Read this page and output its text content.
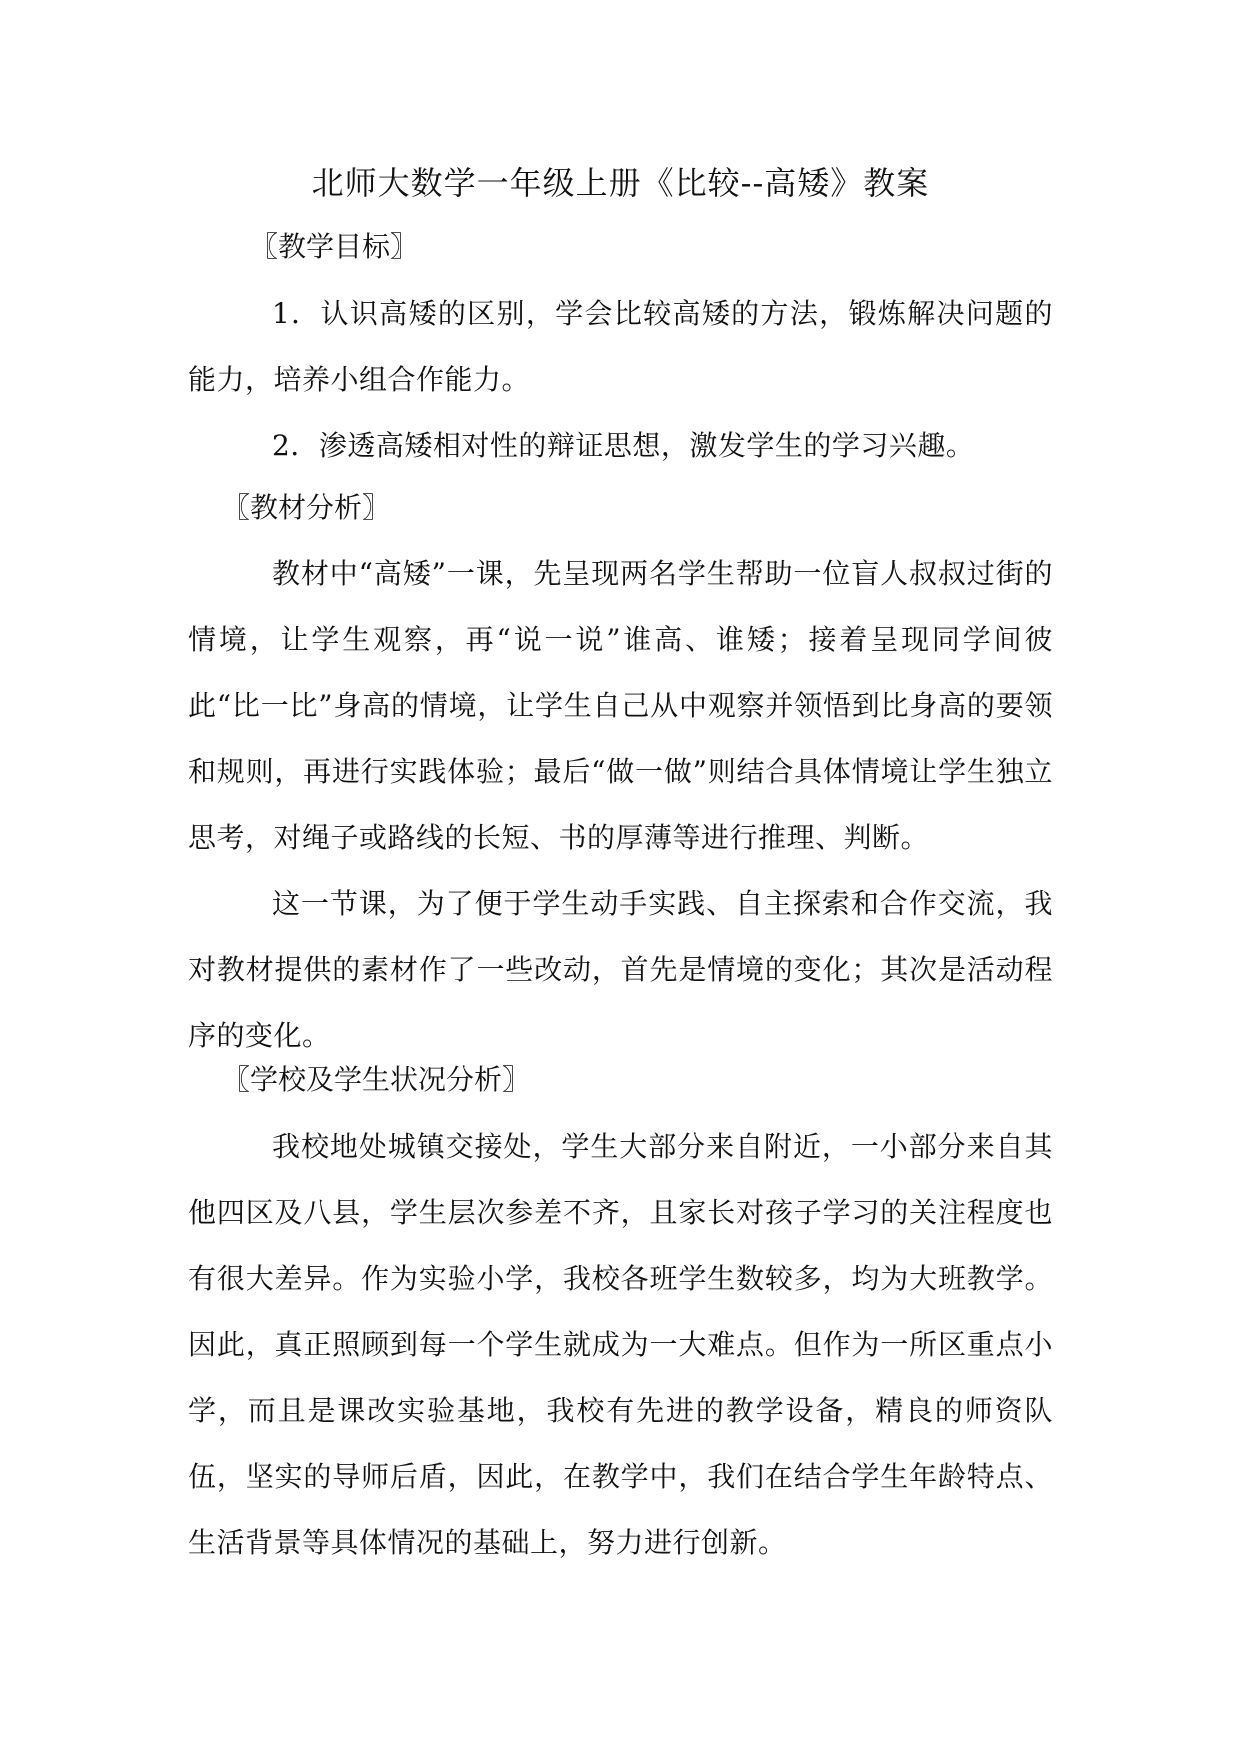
北师大数学一年级上册《比较--高矮》教案
〖教学目标〗

1．认识高矮的区别，学会比较高矮的方法，锻炼解决问题的能力，培养小组合作能力。

2．渗透高矮相对性的辩证思想，激发学生的学习兴趣。

〖教材分析〗

教材中“高矮”一课，先呈现两名学生帮助一位盲人叔叔过街的情境，让学生观察，再“说一说”谁高、谁矮；接着呈现同学间彼此“比一比”身高的情境，让学生自己从中观察并领悟到比身高的要领和规则，再进行实践体验；最后“做一做”则结合具体情境让学生独立思考，对绳子或路线的长短、书的厚薄等进行推理、判断。

这一节课，为了便于学生动手实践、自主探索和合作交流，我对教材提供的素材作了一些改动，首先是情境的变化；其次是活动程序的变化。

〖学校及学生状况分析〗

我校地处城镇交接处，学生大部分来自附近，一小部分来自其他四区及八县，学生层次参差不齐，且家长对孩子学习的关注程度也有很大差异。作为实验小学，我校各班学生数较多，均为大班教学。因此，真正照顾到每一个学生就成为一大难点。但作为一所区重点小学，而且是课改实验基地，我校有先进的教学设备，精良的师资队伍，坚实的导师后盾，因此，在教学中，我们在结合学生年龄特点、生活背景等具体情况的基础上，努力进行创新。
